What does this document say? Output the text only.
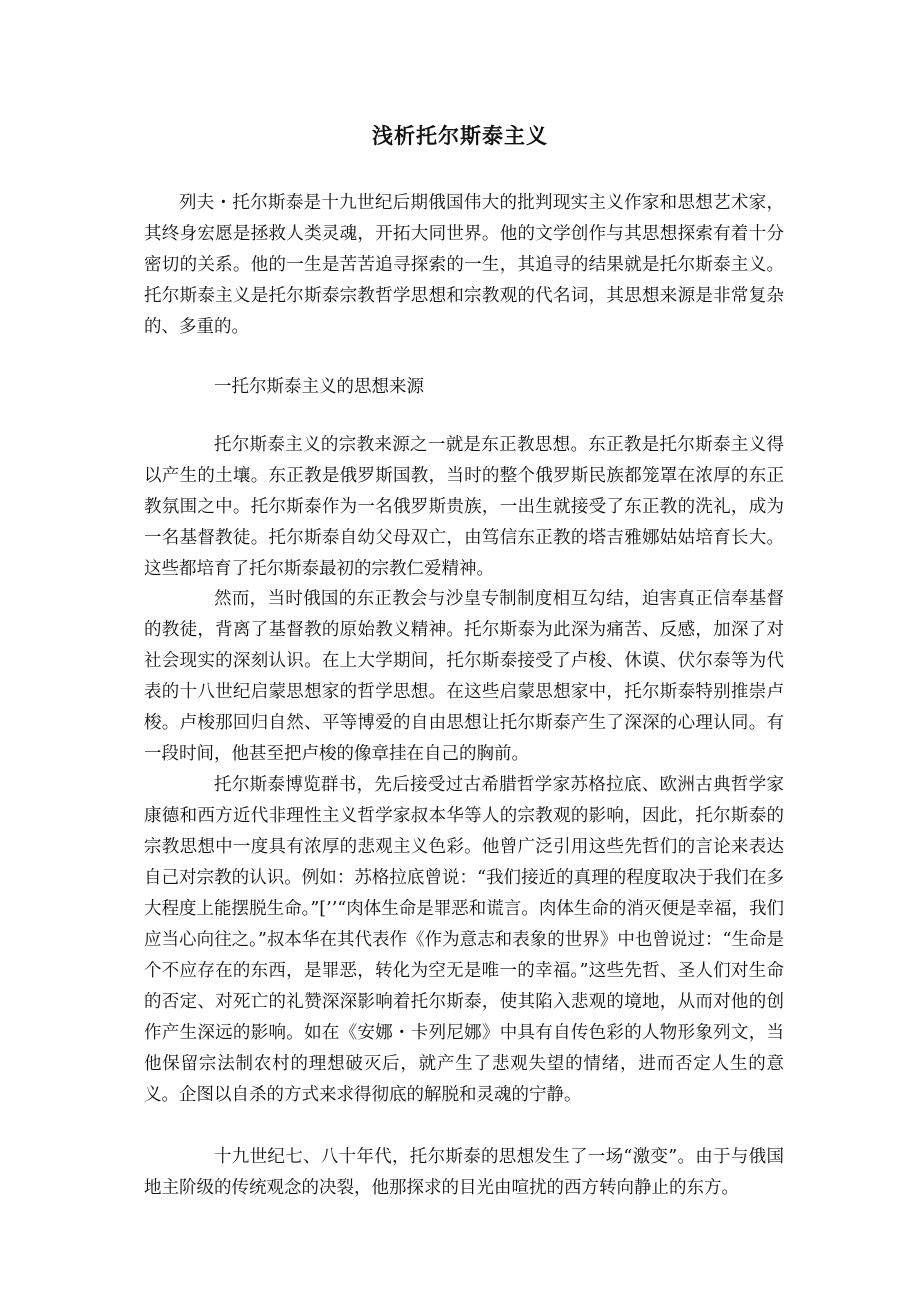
浅析托尔斯泰主义

列夫・托尔斯泰是十九世纪后期俄国伟大的批判现实主义作家和思想艺术家，其终身宏愿是拯救人类灵魂，开拓大同世界。他的文学创作与其思想探索有着十分密切的关系。他的一生是苦苦追寻探索的一生，其追寻的结果就是托尔斯泰主义。托尔斯泰主义是托尔斯泰宗教哲学思想和宗教观的代名词，其思想来源是非常复杂的、多重的。

一托尔斯泰主义的思想来源

托尔斯泰主义的宗教来源之一就是东正教思想。东正教是托尔斯泰主义得以产生的土壤。东正教是俄罗斯国教，当时的整个俄罗斯民族都笼罩在浓厚的东正教氛围之中。托尔斯泰作为一名俄罗斯贵族，一出生就接受了东正教的洗礼，成为一名基督教徒。托尔斯泰自幼父母双亡，由笃信东正教的塔吉雅娜姑姑培育长大。这些都培育了托尔斯泰最初的宗教仁爱精神。

然而，当时俄国的东正教会与沙皇专制制度相互勾结，迫害真正信奉基督的教徒，背离了基督教的原始教义精神。托尔斯泰为此深为痛苦、反感，加深了对社会现实的深刻认识。在上大学期间，托尔斯泰接受了卢梭、休谟、伏尔泰等为代表的十八世纪启蒙思想家的哲学思想。在这些启蒙思想家中，托尔斯泰特别推崇卢梭。卢梭那回归自然、平等博爱的自由思想让托尔斯泰产生了深深的心理认同。有一段时间，他甚至把卢梭的像章挂在自己的胸前。

托尔斯泰博览群书，先后接受过古希腊哲学家苏格拉底、欧洲古典哲学家康德和西方近代非理性主义哲学家叔本华等人的宗教观的影响，因此，托尔斯泰的宗教思想中一度具有浓厚的悲观主义色彩。他曾广泛引用这些先哲们的言论来表达自己对宗教的认识。例如：苏格拉底曾说：“我们接近的真理的程度取决于我们在多大程度上能摆脱生命。”[’’“肉体生命是罪恶和谎言。肉体生命的消灭便是幸福，我们应当心向往之。”叔本华在其代表作《作为意志和表象的世界》中也曾说过：“生命是个不应存在的东西，是罪恶，转化为空无是唯一的幸福。”这些先哲、圣人们对生命的否定、对死亡的礼赞深深影响着托尔斯泰，使其陷入悲观的境地，从而对他的创作产生深远的影响。如在《安娜・卡列尼娜》中具有自传色彩的人物形象列文，当他保留宗法制农村的理想破灭后，就产生了悲观失望的情绪，进而否定人生的意义。企图以自杀的方式来求得彻底的解脱和灵魂的宁静。

十九世纪七、八十年代，托尔斯泰的思想发生了一场“激变”。由于与俄国地主阶级的传统观念的决裂，他那探求的目光由喧扰的西方转向静止的东方。
